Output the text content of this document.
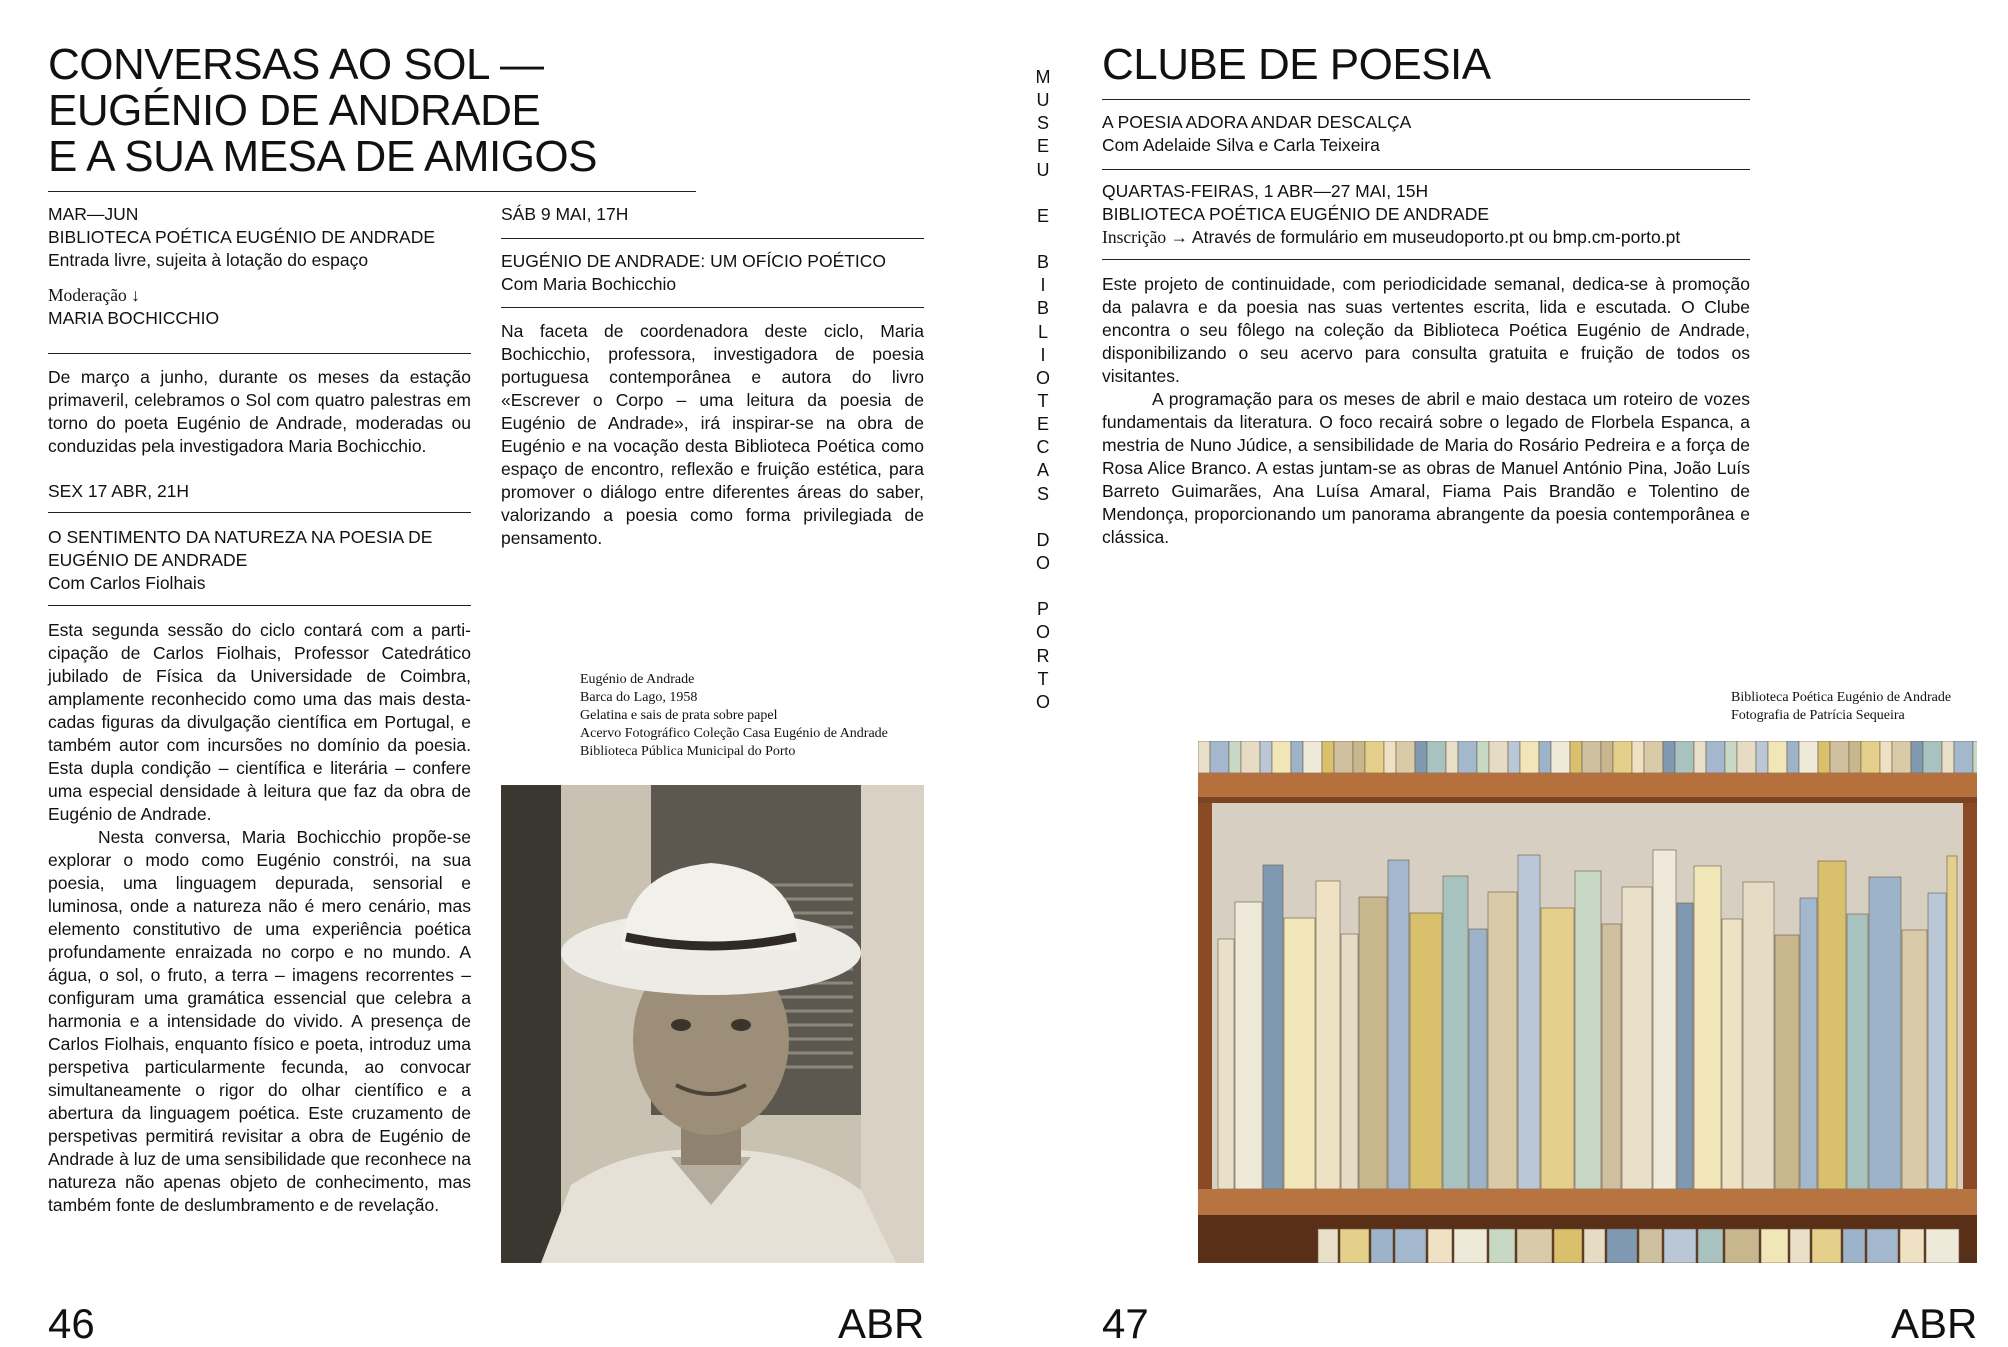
CONVERSAS AO SOL —
EUGÉNIO DE ANDRADE
E A SUA MESA DE AMIGOS
MAR—JUN
BIBLIOTECA POÉTICA EUGÉNIO DE ANDRADE
Entrada livre, sujeita à lotação do espaço
Moderação ↓
MARIA BOCHICCHIO

De março a junho, durante os meses da estação primaveril, celebramos o Sol com quatro palestras em torno do poeta Eugénio de Andrade, moderadas ou conduzidas pela investigadora Maria Bochicchio.

SEX 17 ABR, 21H
O SENTIMENTO DA NATUREZA NA POESIA DE
EUGÉNIO DE ANDRADE
Com Carlos Fiolhais

Esta segunda sessão do ciclo contará com a participação de Carlos Fiolhais, Professor Catedrático jubilado de Física da Universidade de Coimbra, amplamente reconhecido como uma das mais destacadas figuras da divulgação científica em Portugal, e também autor com incursões no domínio da poesia. Esta dupla condição – científica e literária – confere uma especial densidade à leitura que faz da obra de Eugénio de Andrade.

Nesta conversa, Maria Bochicchio propõe-se explorar o modo como Eugénio constrói, na sua poesia, uma linguagem depurada, sensorial e luminosa, onde a natureza não é mero cenário, mas elemento constitutivo de uma experiência poética profundamente enraizada no corpo e no mundo. A água, o sol, o fruto, a terra – imagens recorrentes – configuram uma gramática essencial que celebra a harmonia e a intensidade do vivido. A presença de Carlos Fiolhais, enquanto físico e poeta, introduz uma perspetiva particularmente fecunda, ao convocar simultaneamente o rigor do olhar científico e a abertura da linguagem poética. Este cruzamento de perspetivas permitirá revisitar a obra de Eugénio de Andrade à luz de uma sensibilidade que reconhece na natureza não apenas objeto de conhecimento, mas também fonte de deslumbramento e de revelação.

SÁB 9 MAI, 17H
EUGÉNIO DE ANDRADE: UM OFÍCIO POÉTICO
Com Maria Bochicchio

Na faceta de coordenadora deste ciclo, Maria Bochicchio, professora, investigadora de poesia portuguesa contemporânea e autora do livro «Escrever o Corpo – uma leitura da poesia de Eugénio de Andrade», irá inspirar-se na obra de Eugénio e na vocação desta Biblioteca Poética como espaço de encontro, reflexão e fruição estética, para promover o diálogo entre diferentes áreas do saber, valorizando a poesia como forma privilegiada de pensamento.

Eugénio de Andrade
Barca do Lago, 1958
Gelatina e sais de prata sobre papel
Acervo Fotográfico Coleção Casa Eugénio de Andrade
Biblioteca Pública Municipal do Porto
46	ABR
M
U
S
E
U

E

B
I
B
L
I
O
T
E
C
A
S

D
O

P
O
R
T
O
CLUBE DE POESIA
A POESIA ADORA ANDAR DESCALÇA
Com Adelaide Silva e Carla Teixeira
QUARTAS-FEIRAS, 1 ABR—27 MAI, 15H
BIBLIOTECA POÉTICA EUGÉNIO DE ANDRADE
Inscrição → Através de formulário em museudoporto.pt ou bmp.cm-porto.pt

Este projeto de continuidade, com periodicidade semanal, dedica-se à promoção da palavra e da poesia nas suas vertentes escrita, lida e escutada. O Clube encontra o seu fôlego na coleção da Biblioteca Poética Eugénio de Andrade, disponibilizando o seu acervo para consulta gratuita e fruição de todos os visitantes.

A programação para os meses de abril e maio destaca um roteiro de vozes fundamentais da literatura. O foco recairá sobre o legado de Florbela Espanca, a mestria de Nuno Júdice, a sensibilidade de Maria do Rosário Pedreira e a força de Rosa Alice Branco. A estas juntam-se as obras de Manuel António Pina, João Luís Barreto Guimarães, Ana Luísa Amaral, Fiama Pais Brandão e Tolentino de Mendonça, proporcionando um panorama abrangente da poesia contemporânea e clássica.

Biblioteca Poética Eugénio de Andrade
Fotografia de Patrícia Sequeira
47	ABR
